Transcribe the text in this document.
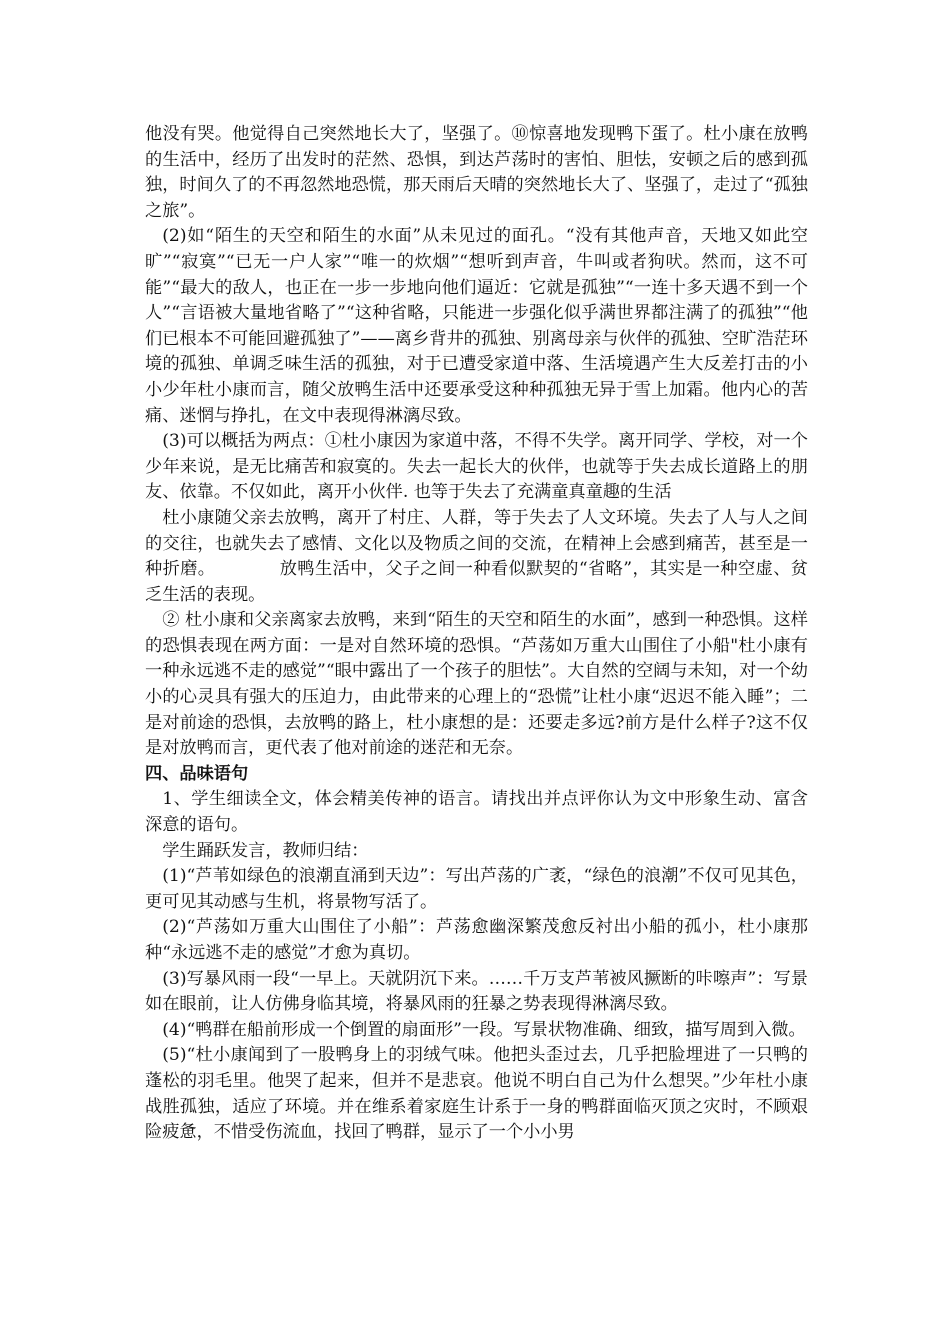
他没有哭。他觉得自己突然地长大了，坚强了。⑩惊喜地发现鸭下蛋了。杜小康在放鸭的生活中，经历了出发时的茫然、恐惧，到达芦荡时的害怕、胆怯，安顿之后的感到孤独，时间久了的不再忽然地恐慌，那天雨后天晴的突然地长大了、坚强了，走过了“孤独之旅”。

(2)如“陌生的天空和陌生的水面”从未见过的面孔。“没有其他声音，天地又如此空旷”“寂寞”“已无一户人家”“唯一的炊烟”“想听到声音，牛叫或者狗吠。然而，这不可能”“最大的敌人，也正在一步一步地向他们逼近：它就是孤独”“一连十多天遇不到一个人”“言语被大量地省略了”“这种省略，只能进一步强化似乎满世界都注满了的孤独”“他们已根本不可能回避孤独了”——离乡背井的孤独、别离母亲与伙伴的孤独、空旷浩茫环境的孤独、单调乏味生活的孤独，对于已遭受家道中落、生活境遇产生大反差打击的小小少年杜小康而言，随父放鸭生活中还要承受这种种孤独无异于雪上加霜。他内心的苦痛、迷惘与挣扎，在文中表现得淋漓尽致。

(3)可以概括为两点：①杜小康因为家道中落，不得不失学。离开同学、学校，对一个少年来说，是无比痛苦和寂寞的。失去一起长大的伙伴，也就等于失去成长道路上的朋友、依靠。不仅如此，离开小伙伴. 也等于失去了充满童真童趣的生活

杜小康随父亲去放鸭，离开了村庄、人群，等于失去了人文环境。失去了人与人之间的交往，也就失去了感情、文化以及物质之间的交流，在精神上会感到痛苦，甚至是一种折磨。	放鸭生活中，父子之间一种看似默契的“省略”，其实是一种空虚、贫乏生活的表现。

② 杜小康和父亲离家去放鸭，来到“陌生的天空和陌生的水面”，感到一种恐惧。这样的恐惧表现在两方面：一是对自然环境的恐惧。“芦荡如万重大山围住了小船"杜小康有一种永远逃不走的感觉”“眼中露出了一个孩子的胆怯”。大自然的空阔与未知，对一个幼小的心灵具有强大的压迫力，由此带来的心理上的“恐慌”让杜小康“迟迟不能入睡”；二是对前途的恐惧，去放鸭的路上，杜小康想的是：还要走多远?前方是什么样子?这不仅是对放鸭而言，更代表了他对前途的迷茫和无奈。

四、品味语句

1、学生细读全文，体会精美传神的语言。请找出并点评你认为文中形象生动、富含深意的语句。

学生踊跃发言，教师归结：

(1)“芦苇如绿色的浪潮直涌到天边”：写出芦荡的广袤，“绿色的浪潮”不仅可见其色，更可见其动感与生机，将景物写活了。

(2)“芦荡如万重大山围住了小船”：芦荡愈幽深繁茂愈反衬出小船的孤小，杜小康那种“永远逃不走的感觉”才愈为真切。

(3)写暴风雨一段“一早上。天就阴沉下来。……千万支芦苇被风撅断的咔嚓声”：写景如在眼前，让人仿佛身临其境，将暴风雨的狂暴之势表现得淋漓尽致。

(4)“鸭群在船前形成一个倒置的扇面形”一段。写景状物准确、细致，描写周到入微。

(5)“杜小康闻到了一股鸭身上的羽绒气味。他把头歪过去，几乎把脸埋进了一只鸭的蓬松的羽毛里。他哭了起来，但并不是悲哀。他说不明白自己为什么想哭。”少年杜小康战胜孤独，适应了环境。并在维系着家庭生计系于一身的鸭群面临灭顶之灾时，不顾艰险疲惫，不惜受伤流血，找回了鸭群，显示了一个小小男
